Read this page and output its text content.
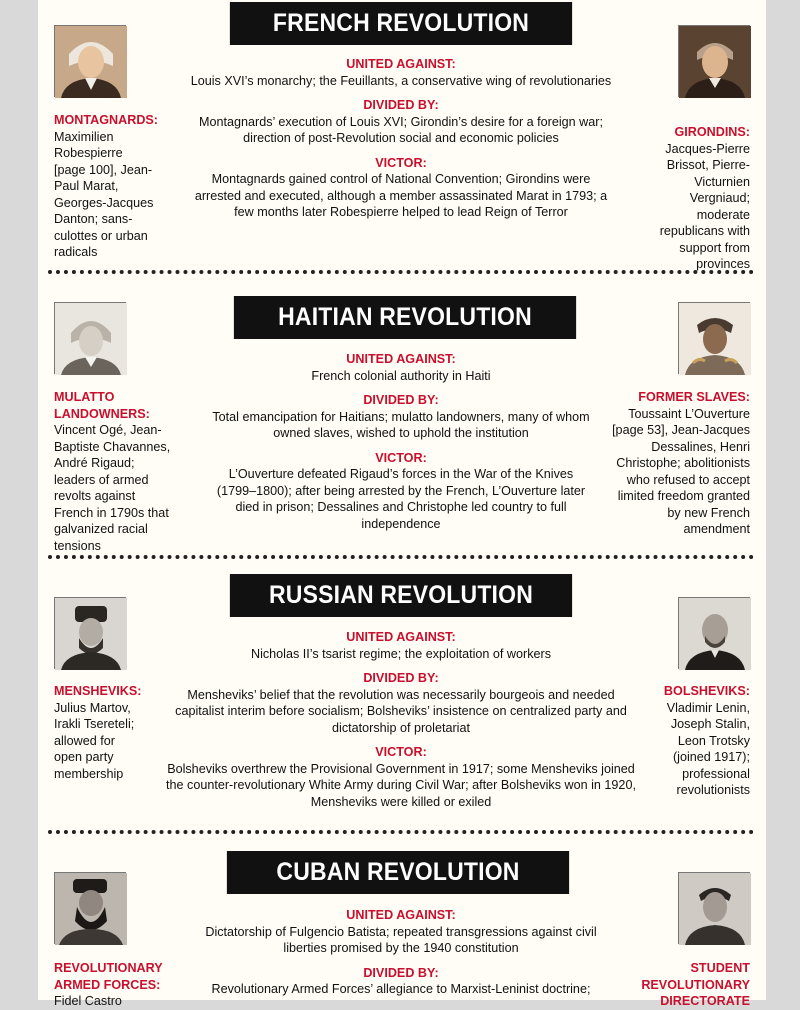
FRENCH REVOLUTION
MONTAGNARDS:
Maximilien Robespierre [page 100], Jean-Paul Marat, Georges-Jacques Danton; sans-culottes or urban radicals
GIRONDINS:
Jacques-Pierre Brissot, Pierre-Victurnien Vergniaud; moderate republicans with support from provinces
UNITED AGAINST:
Louis XVI’s monarchy; the Feuillants, a conservative wing of revolutionaries
DIVIDED BY:
Montagnards’ execution of Louis XVI; Girondin’s desire for a foreign war; direction of post-Revolution social and economic policies
VICTOR:
Montagnards gained control of National Convention; Girondins were arrested and executed, although a member assassinated Marat in 1793; a few months later Robespierre helped to lead Reign of Terror
HAITIAN REVOLUTION
MULATTO LANDOWNERS:
Vincent Ogé, Jean-Baptiste Chavannes, André Rigaud; leaders of armed revolts against French in 1790s that galvanized racial tensions
FORMER SLAVES:
Toussaint L’Ouverture [page 53], Jean-Jacques Dessalines, Henri Christophe; abolitionists who refused to accept limited freedom granted by new French amendment
UNITED AGAINST:
French colonial authority in Haiti
DIVIDED BY:
Total emancipation for Haitians; mulatto landowners, many of whom owned slaves, wished to uphold the institution
VICTOR:
L’Ouverture defeated Rigaud’s forces in the War of the Knives (1799–1800); after being arrested by the French, L’Ouverture later died in prison; Dessalines and Christophe led country to full independence
RUSSIAN REVOLUTION
MENSHEVIKS:
Julius Martov, Irakli Tsereteli; allowed for open party membership
BOLSHEVIKS:
Vladimir Lenin, Joseph Stalin, Leon Trotsky (joined 1917); professional revolutionists
UNITED AGAINST:
Nicholas II’s tsarist regime; the exploitation of workers
DIVIDED BY:
Mensheviks’ belief that the revolution was necessarily bourgeois and needed capitalist interim before socialism; Bolsheviks’ insistence on centralized party and dictatorship of proletariat
VICTOR:
Bolsheviks overthrew the Provisional Government in 1917; some Mensheviks joined the counter-revolutionary White Army during Civil War; after Bolsheviks won in 1920, Mensheviks were killed or exiled
CUBAN REVOLUTION
REVOLUTIONARY ARMED FORCES:
Fidel Castro
STUDENT REVOLUTIONARY DIRECTORATE
UNITED AGAINST:
Dictatorship of Fulgencio Batista; repeated transgressions against civil liberties promised by the 1940 constitution
DIVIDED BY:
Revolutionary Armed Forces’ allegiance to Marxist-Leninist doctrine;
